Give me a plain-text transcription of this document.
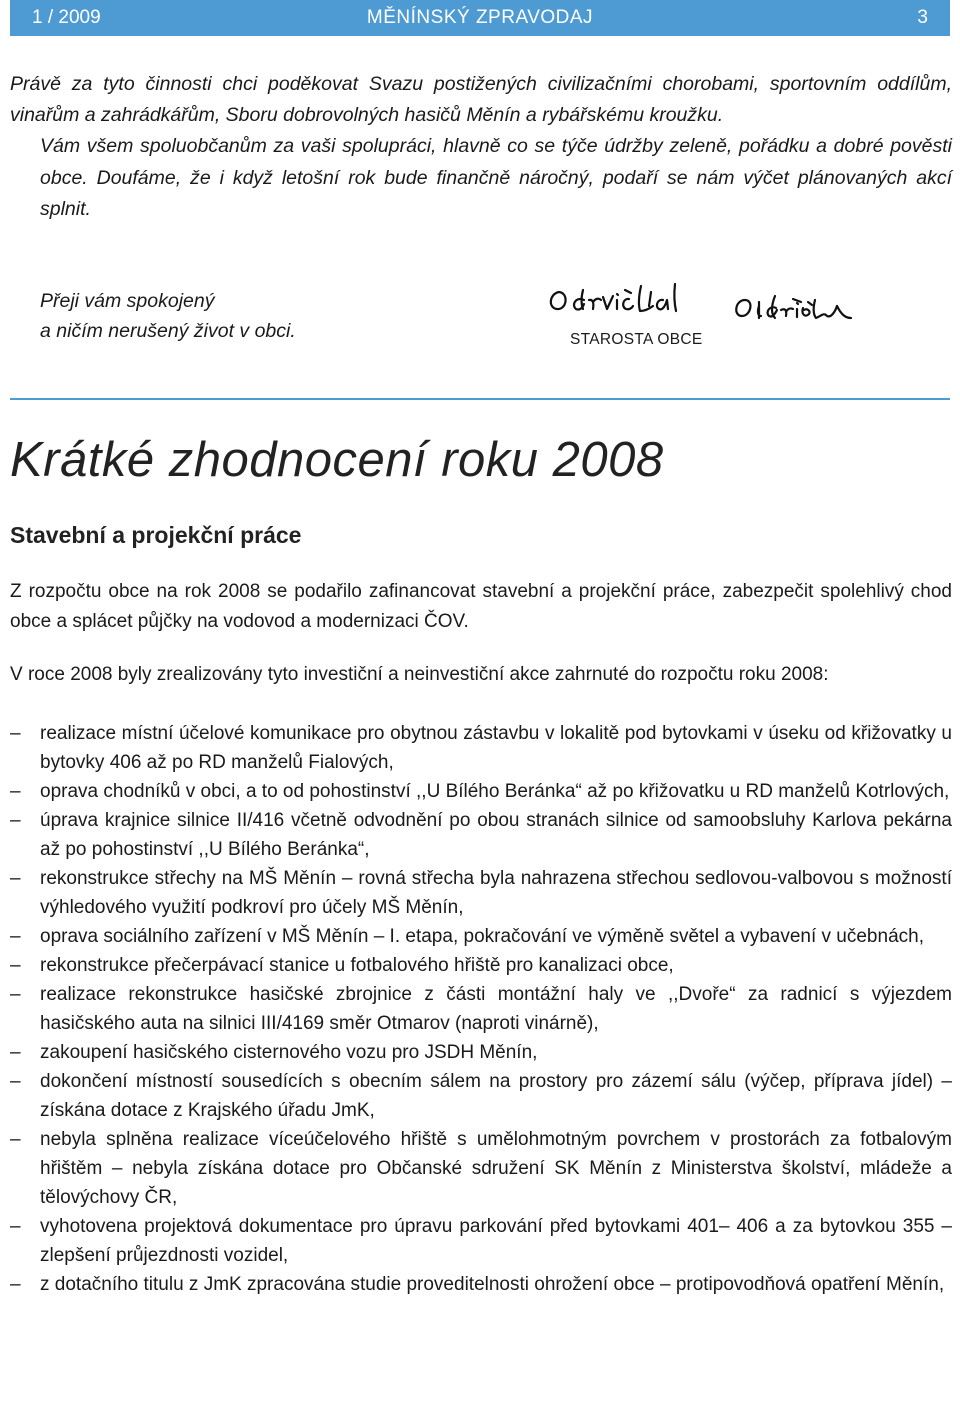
1 / 2009	MĚNÍNSKÝ ZPRAVODAJ	3

Právě za tyto činnosti chci poděkovat Svazu postižených civilizačními chorobami, sportovním oddílům, vinařům a zahrádkářům, Sboru dobrovolných hasičů Měnín a rybářskému kroužku.

Vám všem spoluobčanům za vaši spolupráci, hlavně co se týče údržby zeleně, pořádku a dobré pověsti obce. Doufáme, že i když letošní rok bude finančně náročný, podaří se nám výčet plánovaných akcí splnit.

Přeji vám spokojený
a ničím nerušený život v obci.	STAROSTA OBCE
Krátké zhodnocení roku 2008
Stavební a projekční práce

Z rozpočtu obce na rok 2008 se podařilo zafinancovat stavební a projekční práce, zabezpečit spolehlivý chod obce a splácet půjčky na vodovod a modernizaci ČOV.

V roce 2008 byly zrealizovány tyto investiční a neinvestiční akce zahrnuté do rozpočtu roku 2008:

– realizace místní účelové komunikace pro obytnou zástavbu v lokalitě pod bytovkami v úseku od křižovatky u bytovky 406 až po RD manželů Fialových,
– oprava chodníků v obci, a to od pohostinství ,,U Bílého Beránka“ až po křižovatku u RD manželů Kotrlových,
– úprava krajnice silnice II/416 včetně odvodnění po obou stranách silnice od samoobsluhy Karlova pekárna až po pohostinství ,,U Bílého Beránka“,
– rekonstrukce střechy na MŠ Měnín – rovná střecha byla nahrazena střechou sedlovou-valbovou s možností výhledového využití podkroví pro účely MŠ Měnín,
– oprava sociálního zařízení v MŠ Měnín – I. etapa, pokračování ve výměně světel a vybavení v učebnách,
– rekonstrukce přečerpávací stanice u fotbalového hřiště pro kanalizaci obce,
– realizace rekonstrukce hasičské zbrojnice z části montážní haly ve ,,Dvoře“ za radnicí s výjezdem hasičského auta na silnici III/4169 směr Otmarov (naproti vinárně),
– zakoupení hasičského cisternového vozu pro JSDH Měnín,
– dokončení místností sousedících s obecním sálem na prostory pro zázemí sálu (výčep, příprava jídel) – získána dotace z Krajského úřadu JmK,
– nebyla splněna realizace víceúčelového hřiště s umělohmotným povrchem v prostorách za fotbalovým hřištěm – nebyla získána dotace pro Občanské sdružení SK Měnín z Ministerstva školství, mládeže a tělovýchovy ČR,
– vyhotovena projektová dokumentace pro úpravu parkování před bytovkami 401– 406 a za bytovkou 355 – zlepšení průjezdnosti vozidel,
– z dotačního titulu z JmK zpracována studie proveditelnosti ohrožení obce – protipovodňová opatření Měnín,
